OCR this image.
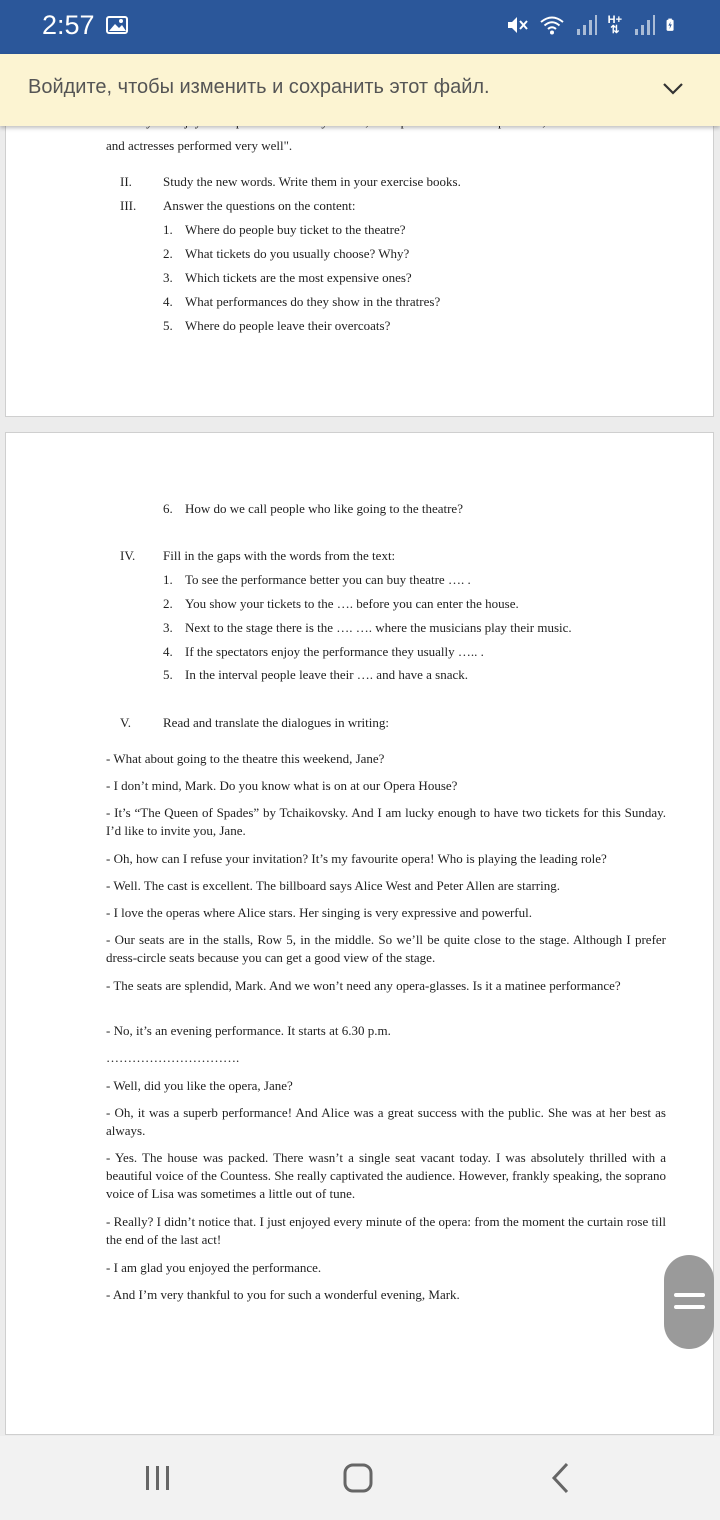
2:57	H+
⇅
Войдите, чтобы изменить и сохранить этот файл.
and actresses performed very well".
II. Study the new words. Write them in your exercise books.
III. Answer the questions on the content:
1. Where do people buy ticket to the theatre?
2. What tickets do you usually choose? Why?
3. Which tickets are the most expensive ones?
4. What performances do they show in the thratres?
5. Where do people leave their overcoats?
6. How do we call people who like going to the theatre?
IV. Fill in the gaps with the words from the text:
1. To see the performance better you can buy theatre …. .
2. You show your tickets to the …. before you can enter the house.
3. Next to the stage there is the …. …. where the musicians play their music.
4. If the spectators enjoy the performance they usually ….. .
5. In the interval people leave their …. and have a snack.
V. Read and translate the dialogues in writing:
- What about going to the theatre this weekend, Jane?
- I don’t mind, Mark. Do you know what is on at our Opera House?
- It’s “The Queen of Spades” by Tchaikovsky. And I am lucky enough to have two tickets for this Sunday. I’d like to invite you, Jane.
- Oh, how can I refuse your invitation? It’s my favourite opera! Who is playing the leading role?
- Well. The cast is excellent. The billboard says Alice West and Peter Allen are starring.
- I love the operas where Alice stars. Her singing is very expressive and powerful.
- Our seats are in the stalls, Row 5, in the middle. So we’ll be quite close to the stage. Although I prefer dress-circle seats because you can get a good view of the stage.
- The seats are splendid, Mark. And we won’t need any opera-glasses. Is it a matinee performance?
- No, it’s an evening performance. It starts at 6.30 p.m.
………………………….
- Well, did you like the opera, Jane?
- Oh, it was a superb performance! And Alice was a great success with the public. She was at her best as always.
- Yes. The house was packed. There wasn’t a single seat vacant today. I was absolutely thrilled with a beautiful voice of the Countess. She really captivated the audience. However, frankly speaking, the soprano voice of Lisa was sometimes a little out of tune.
- Really? I didn’t notice that. I just enjoyed every minute of the opera: from the moment the curtain rose till the end of the last act!
- I am glad you enjoyed the performance.
- And I’m very thankful to you for such a wonderful evening, Mark.
